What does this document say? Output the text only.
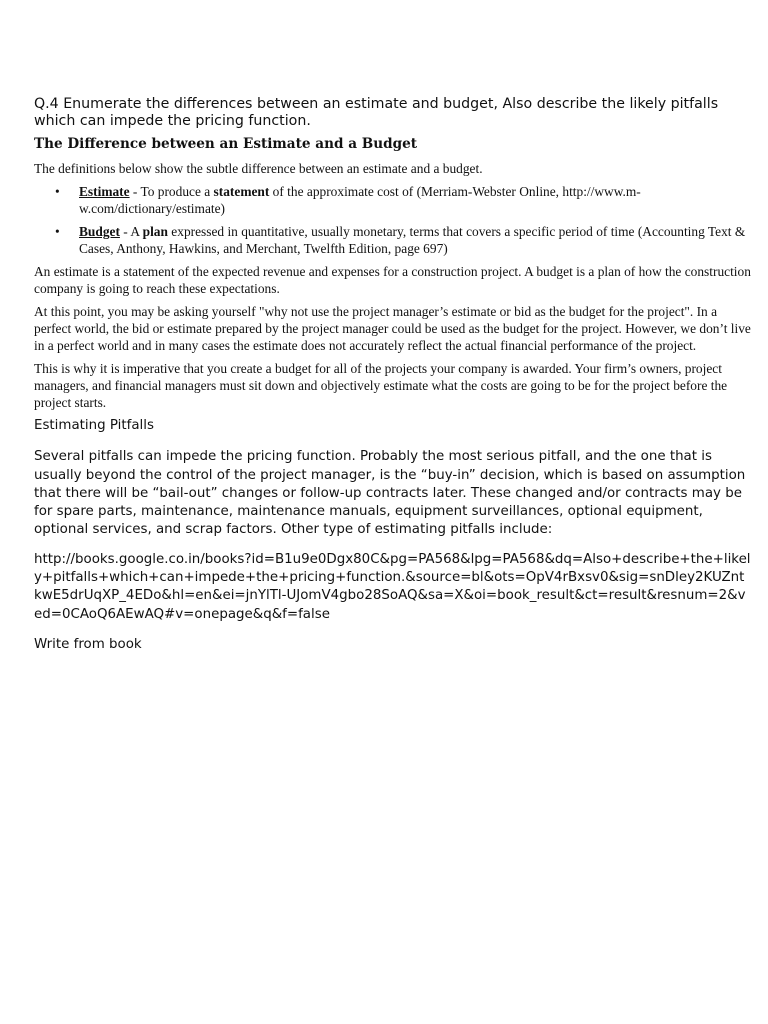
Q.4 Enumerate the differences between an estimate and budget, Also describe the likely pitfalls which can impede the pricing function.

The Difference between an Estimate and a Budget

The definitions below show the subtle difference between an estimate and a budget.

• Estimate - To produce a statement of the approximate cost of (Merriam-Webster Online, http://www.m-w.com/dictionary/estimate)
• Budget - A plan expressed in quantitative, usually monetary, terms that covers a specific period of time (Accounting Text & Cases, Anthony, Hawkins, and Merchant, Twelfth Edition, page 697)

An estimate is a statement of the expected revenue and expenses for a construction project. A budget is a plan of how the construction company is going to reach these expectations.

At this point, you may be asking yourself "why not use the project manager’s estimate or bid as the budget for the project". In a perfect world, the bid or estimate prepared by the project manager could be used as the budget for the project. However, we don’t live in a perfect world and in many cases the estimate does not accurately reflect the actual financial performance of the project.

This is why it is imperative that you create a budget for all of the projects your company is awarded. Your firm’s owners, project managers, and financial managers must sit down and objectively estimate what the costs are going to be for the project before the project starts.

Estimating Pitfalls

Several pitfalls can impede the pricing function. Probably the most serious pitfall, and the one that is usually beyond the control of the project manager, is the “buy-in” decision, which is based on assumption that there will be “bail-out” changes or follow-up contracts later. These changed and/or contracts may be for spare parts, maintenance, maintenance manuals, equipment surveillances, optional equipment, optional services, and scrap factors. Other type of estimating pitfalls include:

http://books.google.co.in/books?id=B1u9e0Dgx80C&pg=PA568&lpg=PA568&dq=Also+describe+the+likely+pitfalls+which+can+impede+the+pricing+function.&source=bl&ots=OpV4rBxsv0&sig=snDley2KUZntkwE5drUqXP_4EDo&hl=en&ei=jnYlTl-UJomV4gbo28SoAQ&sa=X&oi=book_result&ct=result&resnum=2&ved=0CAoQ6AEwAQ#v=onepage&q&f=false

Write from book
